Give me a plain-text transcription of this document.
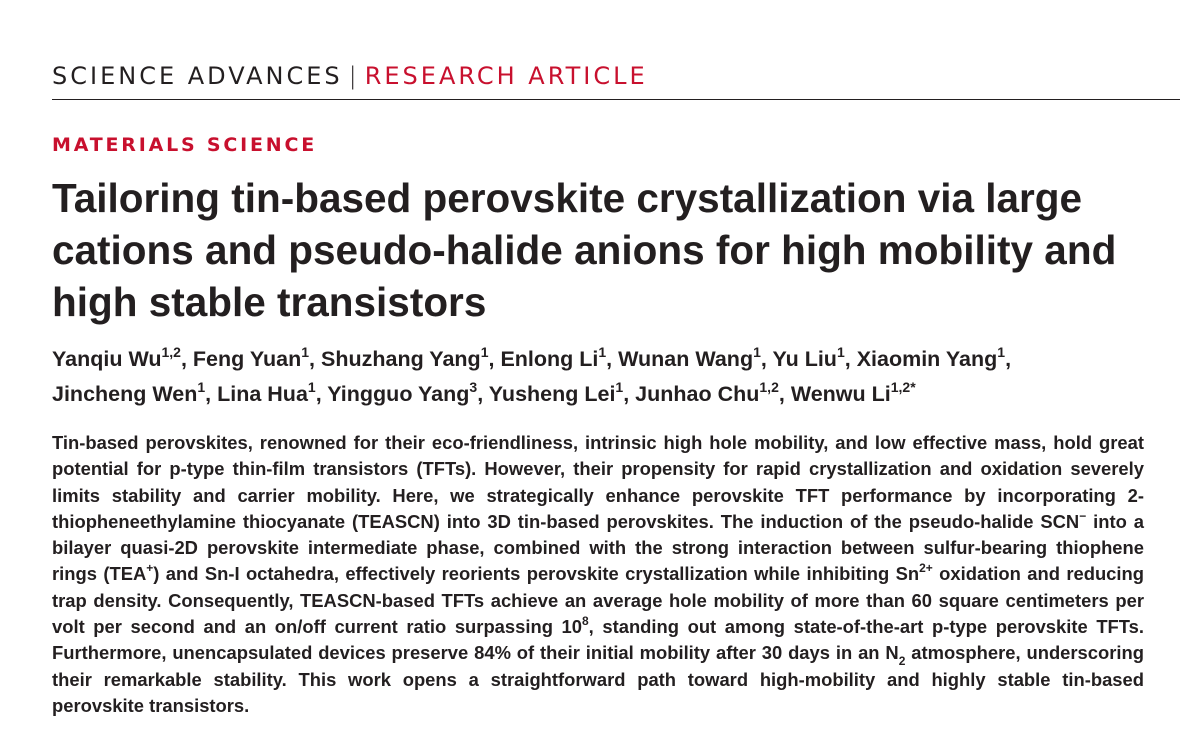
SCIENCE ADVANCES | RESEARCH ARTICLE
MATERIALS SCIENCE
Tailoring tin-based perovskite crystallization via large cations and pseudo-halide anions for high mobility and high stable transistors
Yanqiu Wu$^{1,2}$, Feng Yuan$^1$, Shuzhang Yang$^1$, Enlong Li$^1$, Wunan Wang$^1$, Yu Liu$^1$, Xiaomin Yang$^1$,
Jincheng Wen$^1$, Lina Hua$^1$, Yingguo Yang$^3$, Yusheng Lei$^1$, Junhao Chu$^{1,2}$, Wenwu $Li^{1,2*}$

Tin-based perovskites, renowned for their eco-friendliness, intrinsic high hole mobility, and low effective mass, hold great potential for p-type thin-film transistors (TFTs). However, their propensity for rapid crystallization and oxidation severely limits stability and carrier mobility. Here, we strategically enhance perovskite TFT performance by incorporating 2-thiopheneethylamine thiocyanate (TEASCN) into 3D tin-based perovskites. The induction of the pseudo-halide SCN− into a bilayer quasi-2D perovskite intermediate phase, combined with the strong interaction between sulfur-bearing thiophene rings (TEA+) and Sn-I octahedra, effectively reorients perovskite crystallization while inhibiting $Sn^{2+}$ oxidation and reducing trap density. Consequently, TEASCN-based TFTs achieve an average hole mobility of more than 60 square centimeters per volt per second and an on/off current ratio surpassing $10^8$, standing out among state-of-the-art p-type perovskite TFTs. Furthermore, unencapsulated devices preserve 84% of their initial mobility after 30 days in an $N_2$ atmosphere, underscoring their remarkable stability. This work opens a straightforward path toward high-mobility and highly stable tin-based perovskite transistors.
